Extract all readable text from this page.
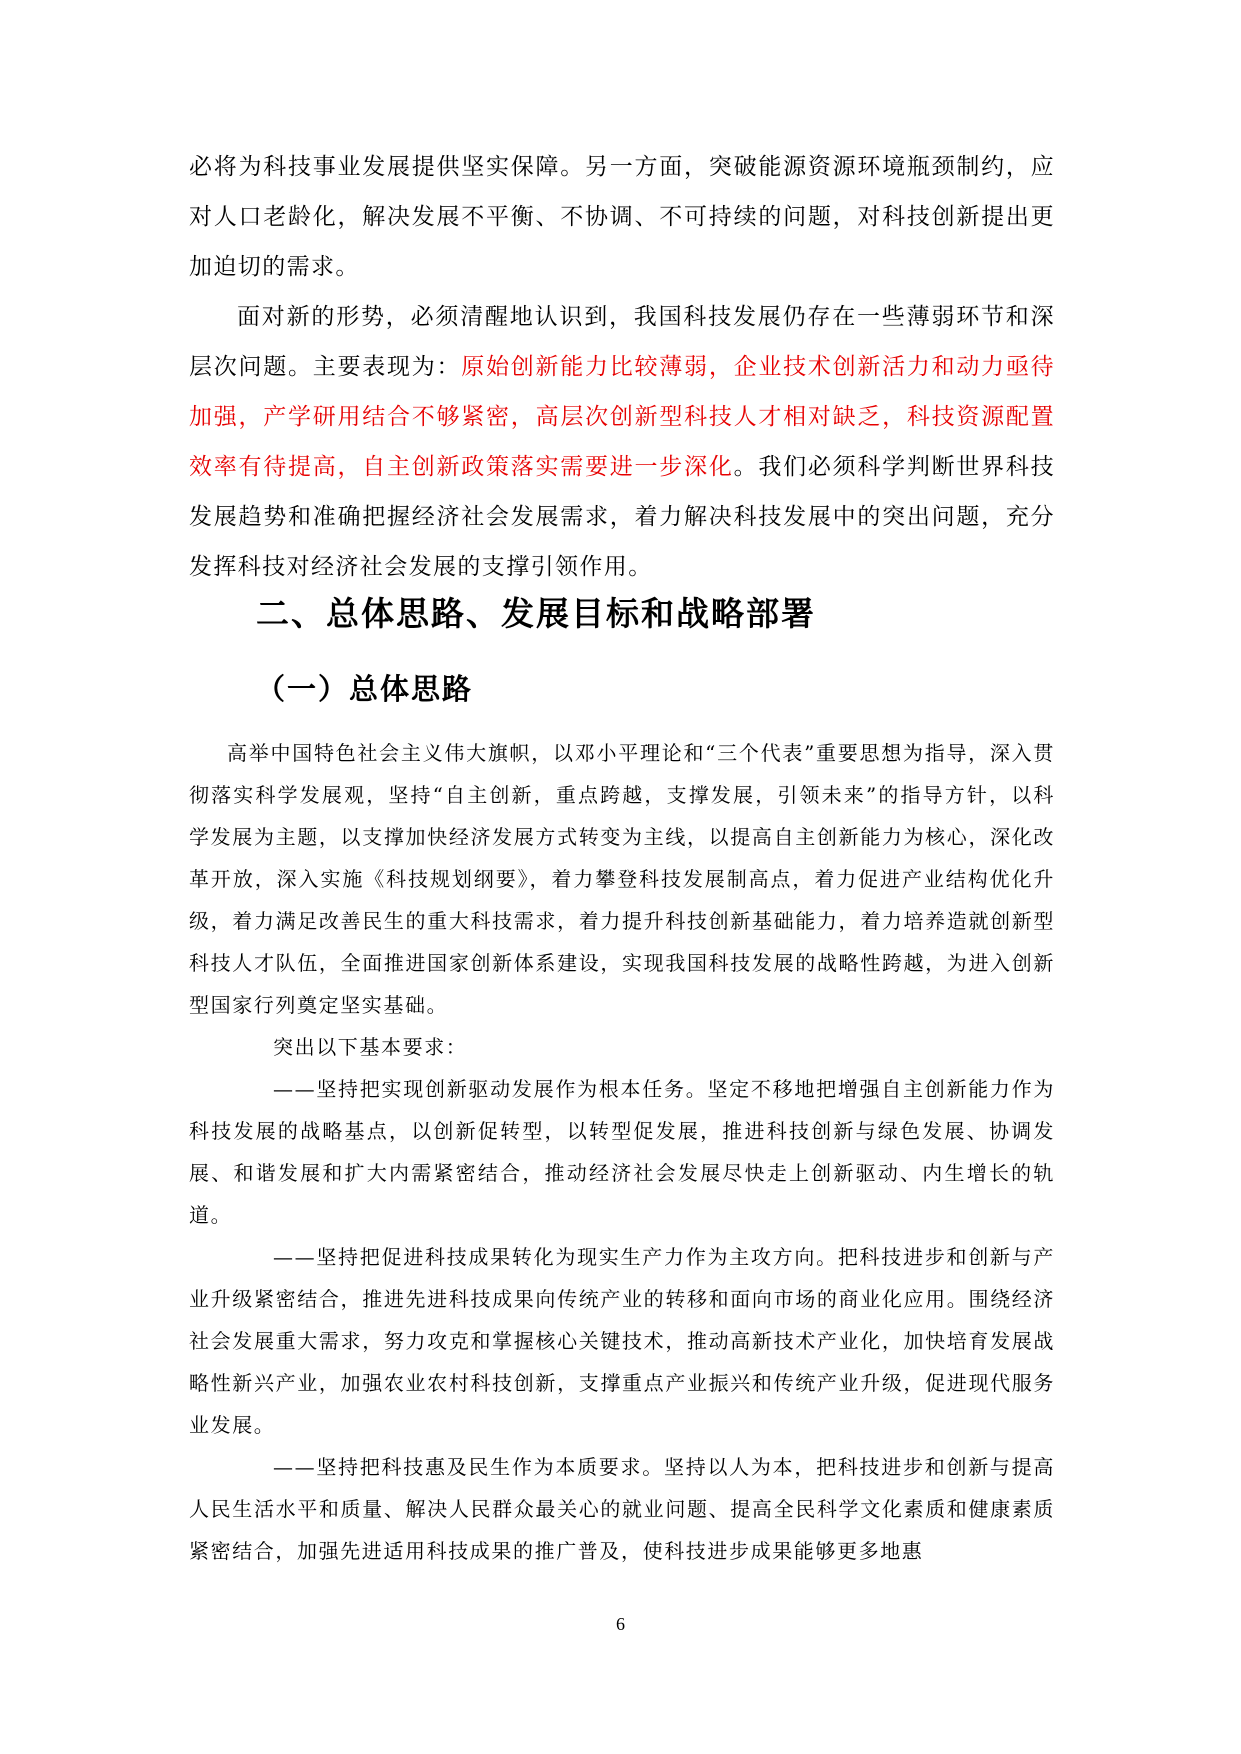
必将为科技事业发展提供坚实保障。另一方面，突破能源资源环境瓶颈制约，应对人口老龄化，解决发展不平衡、不协调、不可持续的问题，对科技创新提出更加迫切的需求。

面对新的形势，必须清醒地认识到，我国科技发展仍存在一些薄弱环节和深层次问题。主要表现为：原始创新能力比较薄弱，企业技术创新活力和动力亟待加强，产学研用结合不够紧密，高层次创新型科技人才相对缺乏，科技资源配置效率有待提高，自主创新政策落实需要进一步深化。我们必须科学判断世界科技发展趋势和准确把握经济社会发展需求，着力解决科技发展中的突出问题，充分发挥科技对经济社会发展的支撑引领作用。

二、总体思路、发展目标和战略部署
（一）总体思路

高举中国特色社会主义伟大旗帜，以邓小平理论和“三个代表”重要思想为指导，深入贯彻落实科学发展观，坚持“自主创新，重点跨越，支撑发展，引领未来”的指导方针，以科学发展为主题，以支撑加快经济发展方式转变为主线，以提高自主创新能力为核心，深化改革开放，深入实施《科技规划纲要》，着力攀登科技发展制高点，着力促进产业结构优化升级，着力满足改善民生的重大科技需求，着力提升科技创新基础能力，着力培养造就创新型科技人才队伍，全面推进国家创新体系建设，实现我国科技发展的战略性跨越，为进入创新型国家行列奠定坚实基础。

突出以下基本要求：

——坚持把实现创新驱动发展作为根本任务。坚定不移地把增强自主创新能力作为科技发展的战略基点，以创新促转型，以转型促发展，推进科技创新与绿色发展、协调发展、和谐发展和扩大内需紧密结合，推动经济社会发展尽快走上创新驱动、内生增长的轨道。

——坚持把促进科技成果转化为现实生产力作为主攻方向。把科技进步和创新与产业升级紧密结合，推进先进科技成果向传统产业的转移和面向市场的商业化应用。围绕经济社会发展重大需求，努力攻克和掌握核心关键技术，推动高新技术产业化，加快培育发展战略性新兴产业，加强农业农村科技创新，支撑重点产业振兴和传统产业升级，促进现代服务业发展。

——坚持把科技惠及民生作为本质要求。坚持以人为本，把科技进步和创新与提高人民生活水平和质量、解决人民群众最关心的就业问题、提高全民科学文化素质和健康素质紧密结合，加强先进适用科技成果的推广普及，使科技进步成果能够更多地惠

6
